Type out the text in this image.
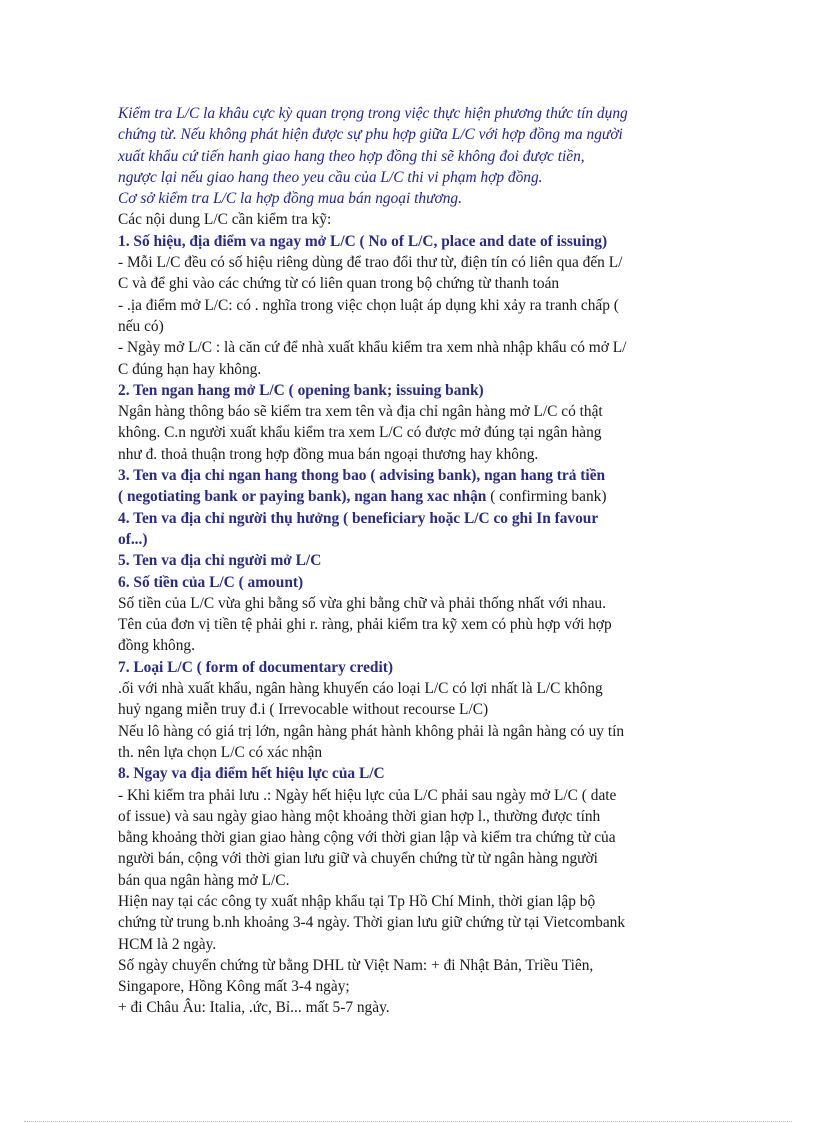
Kiểm tra L/C la khâu cực kỳ quan trọng trong việc thực hiện phương thức tín dụng
chứng từ. Nếu không phát hiện được sự phu hợp giữa L/C với hợp đồng ma người
xuất khẩu cứ tiến hanh giao hang theo hợp đồng thi sẽ không đoi được tiền,
ngược lại nếu giao hang theo yeu cầu của L/C thi vi phạm hợp đồng.
Cơ sở kiểm tra L/C la hợp đồng mua bán ngoại thương.
Các nội dung L/C cần kiểm tra kỹ:
1. Số hiệu, địa điểm va ngay mở L/C ( No of L/C, place and date of issuing)
- Mỗi L/C đều có số hiệu riêng dùng để trao đổi thư từ, điện tín có liên qua đến L/
C và để ghi vào các chứng từ có liên quan trong bộ chứng từ thanh toán
- .ịa điểm mở L/C: có . nghĩa trong việc chọn luật áp dụng khi xảy ra tranh chấp (
nếu có)
- Ngày mở L/C : là căn cứ để nhà xuất khẩu kiểm tra xem nhà nhập khẩu có mở L/
C đúng hạn hay không.
2. Ten ngan hang mở L/C ( opening bank; issuing bank)
Ngân hàng thông báo sẽ kiểm tra xem tên và địa chỉ ngân hàng mở L/C có thật
không. C.n người xuất khẩu kiểm tra xem L/C có được mở đúng tại ngân hàng
như đ. thoả thuận trong hợp đồng mua bán ngoại thương hay không.
3. Ten va địa chỉ ngan hang thong bao ( advising bank), ngan hang trả tiền
( negotiating bank or paying bank), ngan hang xac nhận ( confirming bank)
4. Ten va địa chỉ người thụ hưởng ( beneficiary hoặc L/C co ghi In favour
of...)
5. Ten va địa chỉ người mở L/C
6. Số tiền của L/C ( amount)
Số tiền của L/C vừa ghi bằng số vừa ghi bằng chữ và phải thống nhất với nhau.
Tên của đơn vị tiền tệ phải ghi r. ràng, phải kiểm tra kỹ xem có phù hợp với hợp
đồng không.
7. Loại L/C ( form of documentary credit)
.ối với nhà xuất khẩu, ngân hàng khuyến cáo loại L/C có lợi nhất là L/C không
huỷ ngang miễn truy đ.i ( Irrevocable without recourse L/C)
Nếu lô hàng có giá trị lớn, ngân hàng phát hành không phải là ngân hàng có uy tín
th. nên lựa chọn L/C có xác nhận
8. Ngay va địa điểm hết hiệu lực của L/C
- Khi kiểm tra phải lưu .: Ngày hết hiệu lực của L/C phải sau ngày mở L/C ( date
of issue) và sau ngày giao hàng một khoảng thời gian hợp l., thường được tính
bằng khoảng thời gian giao hàng cộng với thời gian lập và kiểm tra chứng từ của
người bán, cộng với thời gian lưu giữ và chuyển chứng từ từ ngân hàng người
bán qua ngân hàng mở L/C.
Hiện nay tại các công ty xuất nhập khẩu tại Tp Hồ Chí Minh, thời gian lập bộ
chứng từ trung b.nh khoảng 3-4 ngày. Thời gian lưu giữ chứng từ tại Vietcombank
HCM là 2 ngày.
Số ngày chuyển chứng từ bằng DHL từ Việt Nam: + đi Nhật Bản, Triều Tiên,
Singapore, Hồng Kông mất 3-4 ngày;
+ đi Châu Âu: Italia, .ức, Bỉ... mất 5-7 ngày.
